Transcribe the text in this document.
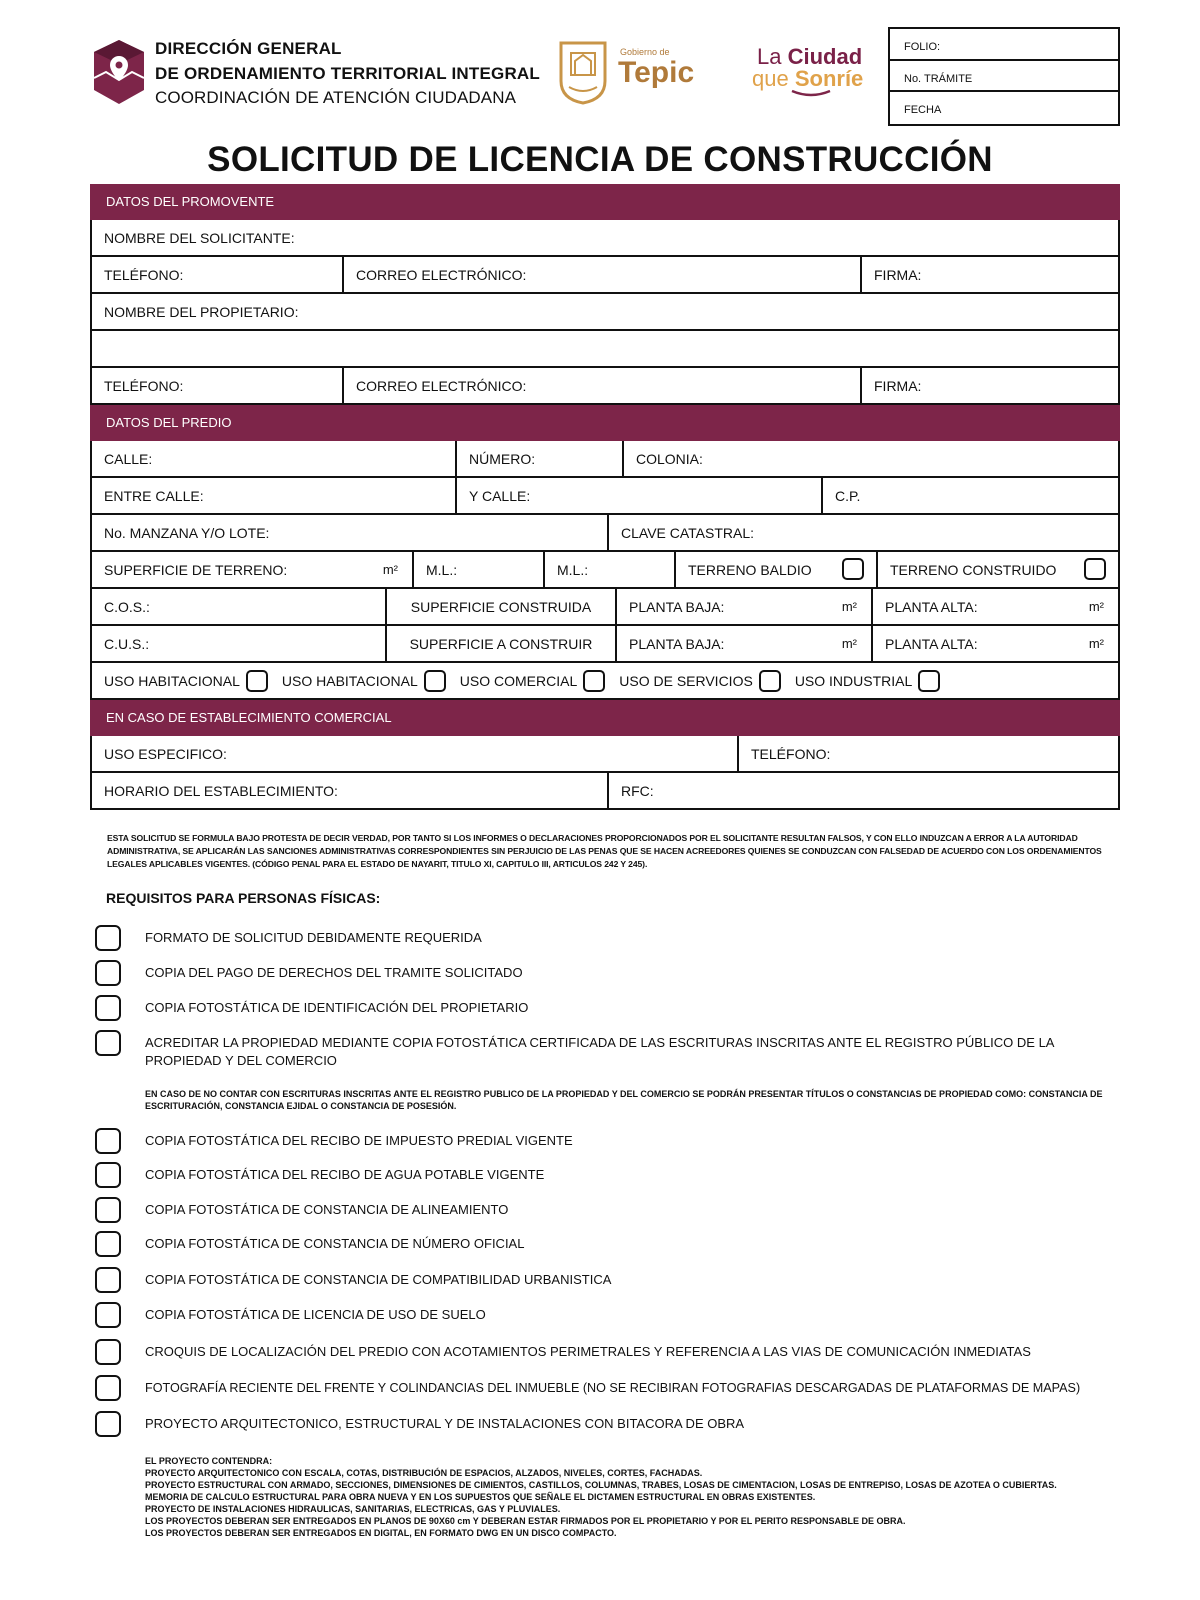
DIRECCIÓN GENERAL
DE ORDENAMIENTO TERRITORIAL INTEGRAL
COORDINACIÓN DE ATENCIÓN CIUDADANA
Gobierno de
Tepic	La Ciudad
que Sonríe
FOLIO:
No. TRÁMITE
FECHA
SOLICITUD DE LICENCIA DE CONSTRUCCIÓN
DATOS DEL PROMOVENTE
NOMBRE DEL SOLICITANTE:
TELÉFONO:	CORREO ELECTRÓNICO:	FIRMA:
NOMBRE DEL PROPIETARIO:
TELÉFONO:	CORREO ELECTRÓNICO:	FIRMA:
DATOS DEL PREDIO
CALLE:	NÚMERO:	COLONIA:
ENTRE CALLE:	Y CALLE:	C.P.
No. MANZANA Y/O LOTE:	CLAVE CATASTRAL:
SUPERFICIE DE TERRENO:	m²	M.L.:	M.L.:	TERRENO BALDIO	TERRENO CONSTRUIDO
C.O.S.:	SUPERFICIE CONSTRUIDA	PLANTA BAJA:	m² PLANTA ALTA:	m²
C.U.S.:	SUPERFICIE A CONSTRUIR	PLANTA BAJA:	m² PLANTA ALTA:	m²
USO HABITACIONAL	USO HABITACIONAL	USO COMERCIAL	USO DE SERVICIOS	USO INDUSTRIAL
EN CASO DE ESTABLECIMIENTO COMERCIAL
USO ESPECIFICO:	TELÉFONO:
HORARIO DEL ESTABLECIMIENTO:	RFC:
ESTA SOLICITUD SE FORMULA BAJO PROTESTA DE DECIR VERDAD, POR TANTO SI LOS INFORMES O DECLARACIONES PROPORCIONADOS POR EL SOLICITANTE RESULTAN FALSOS, Y CON ELLO INDUZCAN A ERROR A LA AUTORIDAD ADMINISTRATIVA, SE APLICARÁN LAS SANCIONES ADMINISTRATIVAS CORRESPONDIENTES SIN PERJUICIO DE LAS PENAS QUE SE HACEN ACREEDORES QUIENES SE CONDUZCAN CON FALSEDAD DE ACUERDO CON LOS ORDENAMIENTOS LEGALES APLICABLES VIGENTES. (CÓDIGO PENAL PARA EL ESTADO DE NAYARIT, TITULO XI, CAPITULO III, ARTICULOS 242 Y 245).
REQUISITOS PARA PERSONAS FÍSICAS:
FORMATO DE SOLICITUD DEBIDAMENTE REQUERIDA
COPIA DEL PAGO DE DERECHOS DEL TRAMITE SOLICITADO
COPIA FOTOSTÁTICA DE IDENTIFICACIÓN DEL PROPIETARIO
ACREDITAR LA PROPIEDAD MEDIANTE COPIA FOTOSTÁTICA CERTIFICADA DE LAS ESCRITURAS INSCRITAS ANTE EL REGISTRO PÚBLICO DE LA PROPIEDAD Y DEL COMERCIO
EN CASO DE NO CONTAR CON ESCRITURAS INSCRITAS ANTE EL REGISTRO PUBLICO DE LA PROPIEDAD Y DEL COMERCIO SE PODRÁN PRESENTAR TÍTULOS O CONSTANCIAS DE PROPIEDAD COMO: CONSTANCIA DE ESCRITURACIÓN, CONSTANCIA EJIDAL O CONSTANCIA DE POSESIÓN.
COPIA FOTOSTÁTICA DEL RECIBO DE IMPUESTO PREDIAL VIGENTE
COPIA FOTOSTÁTICA DEL RECIBO DE AGUA POTABLE VIGENTE
COPIA FOTOSTÁTICA DE CONSTANCIA DE ALINEAMIENTO
COPIA FOTOSTÁTICA DE CONSTANCIA DE NÚMERO OFICIAL
COPIA FOTOSTÁTICA DE CONSTANCIA DE COMPATIBILIDAD URBANISTICA
COPIA FOTOSTÁTICA DE LICENCIA DE USO DE SUELO
CROQUIS DE LOCALIZACIÓN DEL PREDIO CON ACOTAMIENTOS PERIMETRALES Y REFERENCIA A LAS VIAS DE COMUNICACIÓN INMEDIATAS
FOTOGRAFÍA RECIENTE DEL FRENTE Y COLINDANCIAS DEL INMUEBLE (NO SE RECIBIRAN FOTOGRAFIAS DESCARGADAS DE PLATAFORMAS DE MAPAS)
PROYECTO ARQUITECTONICO, ESTRUCTURAL Y DE INSTALACIONES CON BITACORA DE OBRA
EL PROYECTO CONTENDRA:
PROYECTO ARQUITECTONICO CON ESCALA, COTAS, DISTRIBUCIÓN DE ESPACIOS, ALZADOS, NIVELES, CORTES, FACHADAS.
PROYECTO ESTRUCTURAL CON ARMADO, SECCIONES, DIMENSIONES DE CIMIENTOS, CASTILLOS, COLUMNAS, TRABES, LOSAS DE CIMENTACION, LOSAS DE ENTREPISO, LOSAS DE AZOTEA O CUBIERTAS.
MEMORIA DE CALCULO ESTRUCTURAL PARA OBRA NUEVA Y EN LOS SUPUESTOS QUE SEÑALE EL DICTAMEN ESTRUCTURAL EN OBRAS EXISTENTES.
PROYECTO DE INSTALACIONES HIDRAULICAS, SANITARIAS, ELECTRICAS, GAS Y PLUVIALES.
LOS PROYECTOS DEBERAN SER ENTREGADOS EN PLANOS DE 90X60 cm Y DEBERAN ESTAR FIRMADOS POR EL PROPIETARIO Y POR EL PERITO RESPONSABLE DE OBRA.
LOS PROYECTOS DEBERAN SER ENTREGADOS EN DIGITAL, EN FORMATO DWG EN UN DISCO COMPACTO.
